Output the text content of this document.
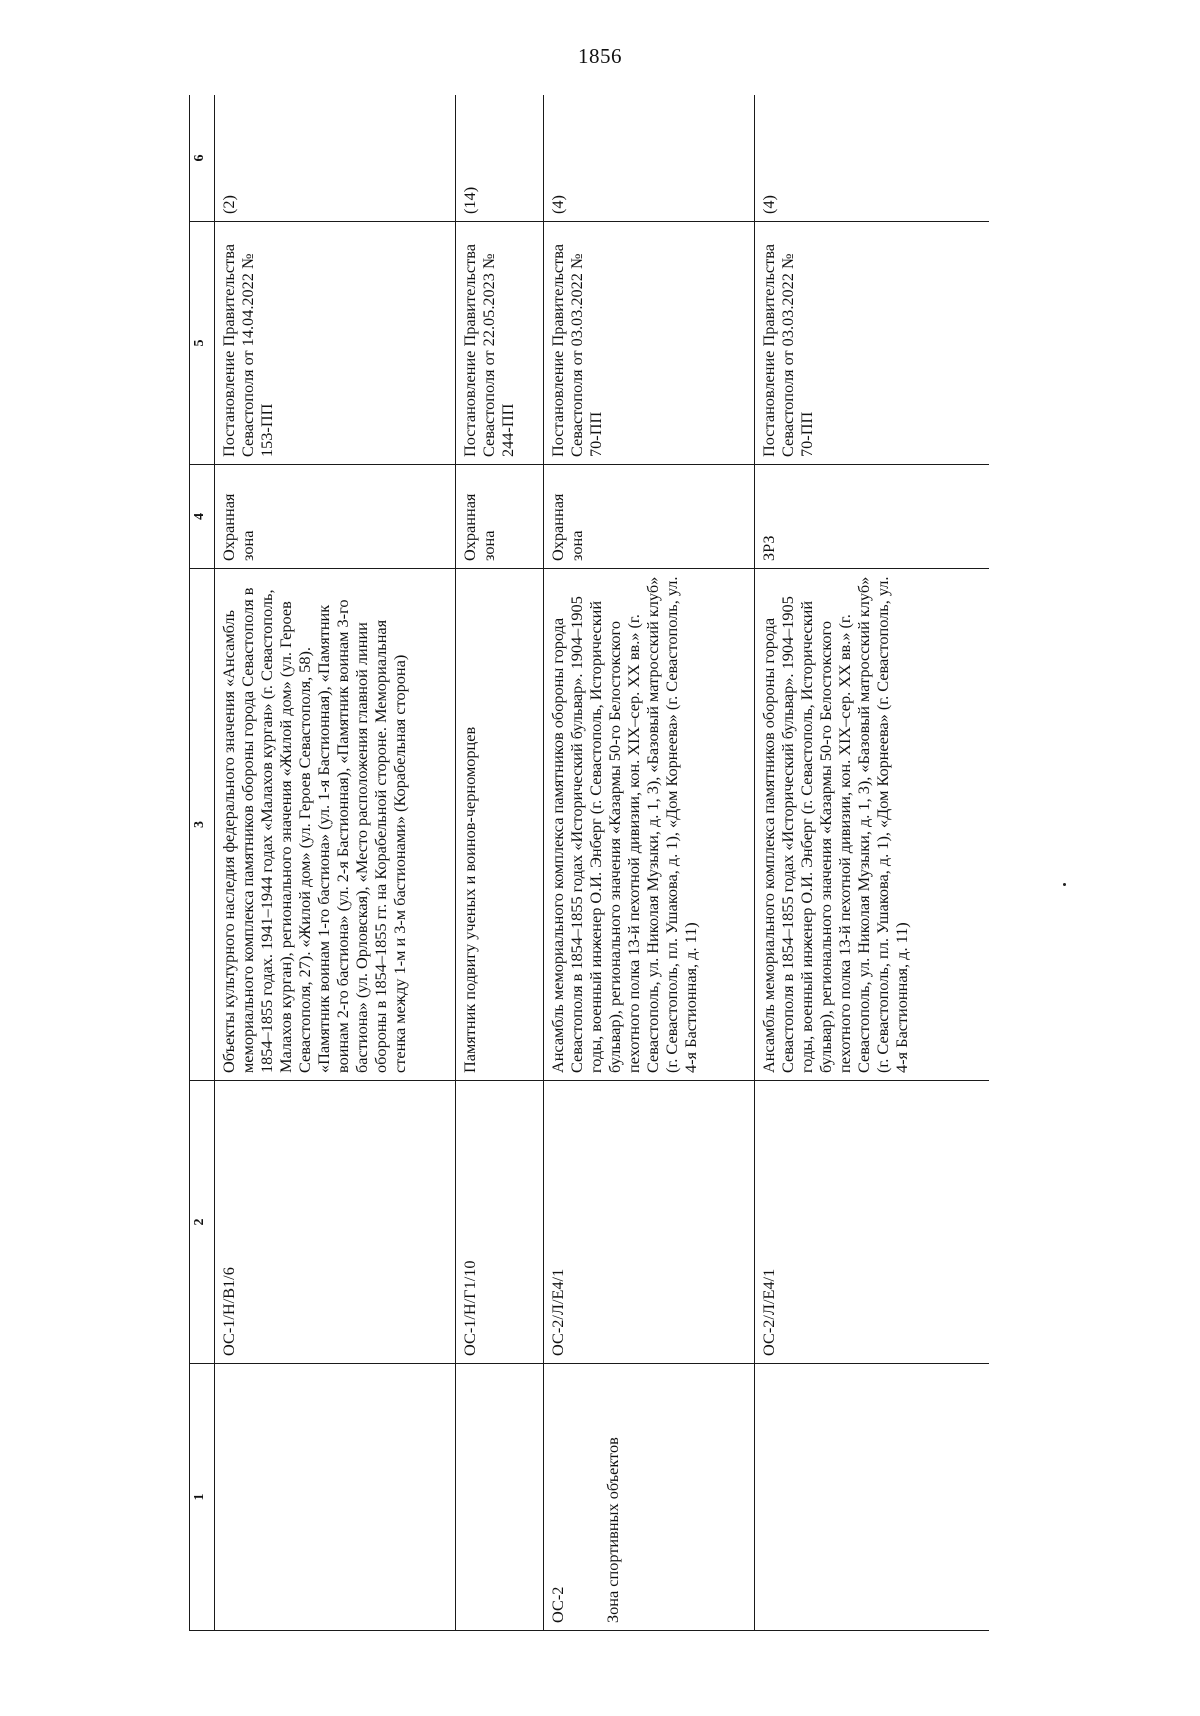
1856
1	2	3	4	5	6
	ОС-1/Н/В1/6	Объекты культурного наследия федерального значения «Ансамбль мемориального комплекса памятников обороны города Севастополя в 1854–1855 годах. 1941–1944 годах «Малахов курган» (г. Севастополь, Малахов курган), регионального значения «Жилой дом» (ул. Героев Севастополя, 27). «Жилой дом» (ул. Героев Севастополя, 58). «Памятник воинам 1-го бастиона» (ул. 1-я Бастионная), «Памятник воинам 2-го бастиона» (ул. 2-я Бастионная), «Памятник воинам 3-го бастиона» (ул. Орловская), «Место расположения главной линии обороны в 1854–1855 гг. на Корабельной стороне. Мемориальная стенка между 1-м и 3-м бастионами» (Корабельная сторона)	Охранная зона	Постановление Правительства Севастополя от 14.04.2022 № 153-ПП	(2)
	ОС-1/Н/Г1/10	Памятник подвигу ученых и воинов-черноморцев	Охранная зона	Постановление Правительства Севастополя от 22.05.2023 № 244-ПП	(14)

ОС-2 Зона спортивных объектов	ОС-2/Л/Е4/1	Ансамбль мемориального комплекса памятников обороны города Севастополя в 1854–1855 годах «Исторический бульвар». 1904–1905 годы, военный инженер О.И. Энберг (г. Севастополь, Исторический бульвар), регионального значения «Казармы 50-го Белостокского пехотного полка 13-й пехотной дивизии, кон. XIX–сер. XX вв.» (г. Севастополь, ул. Николая Музыки, д. 1, 3), «Базовый матросский клуб» (г. Севастополь, пл. Ушакова, д. 1), «Дом Корнеева» (г. Севастополь, ул. 4-я Бастионная, д. 11)	Охранная зона	Постановление Правительства Севастополя от 03.03.2022 № 70-ПП	(4)
	ОС-2/Л/Е4/1	Ансамбль мемориального комплекса памятников обороны города Севастополя в 1854–1855 годах «Исторический бульвар». 1904–1905 годы, военный инженер О.И. Энберг (г. Севастополь, Исторический бульвар), регионального значения «Казармы 50-го Белостокского пехотного полка 13-й пехотной дивизии, кон. XIX–сер. XX вв.» (г. Севастополь, ул. Николая Музыки, д. 1, 3), «Базовый матросский клуб» (г. Севастополь, пл. Ушакова, д. 1), «Дом Корнеева» (г. Севастополь, ул. 4-я Бастионная, д. 11)	ЗРЗ	Постановление Правительства Севастополя от 03.03.2022 № 70-ПП	(4)
